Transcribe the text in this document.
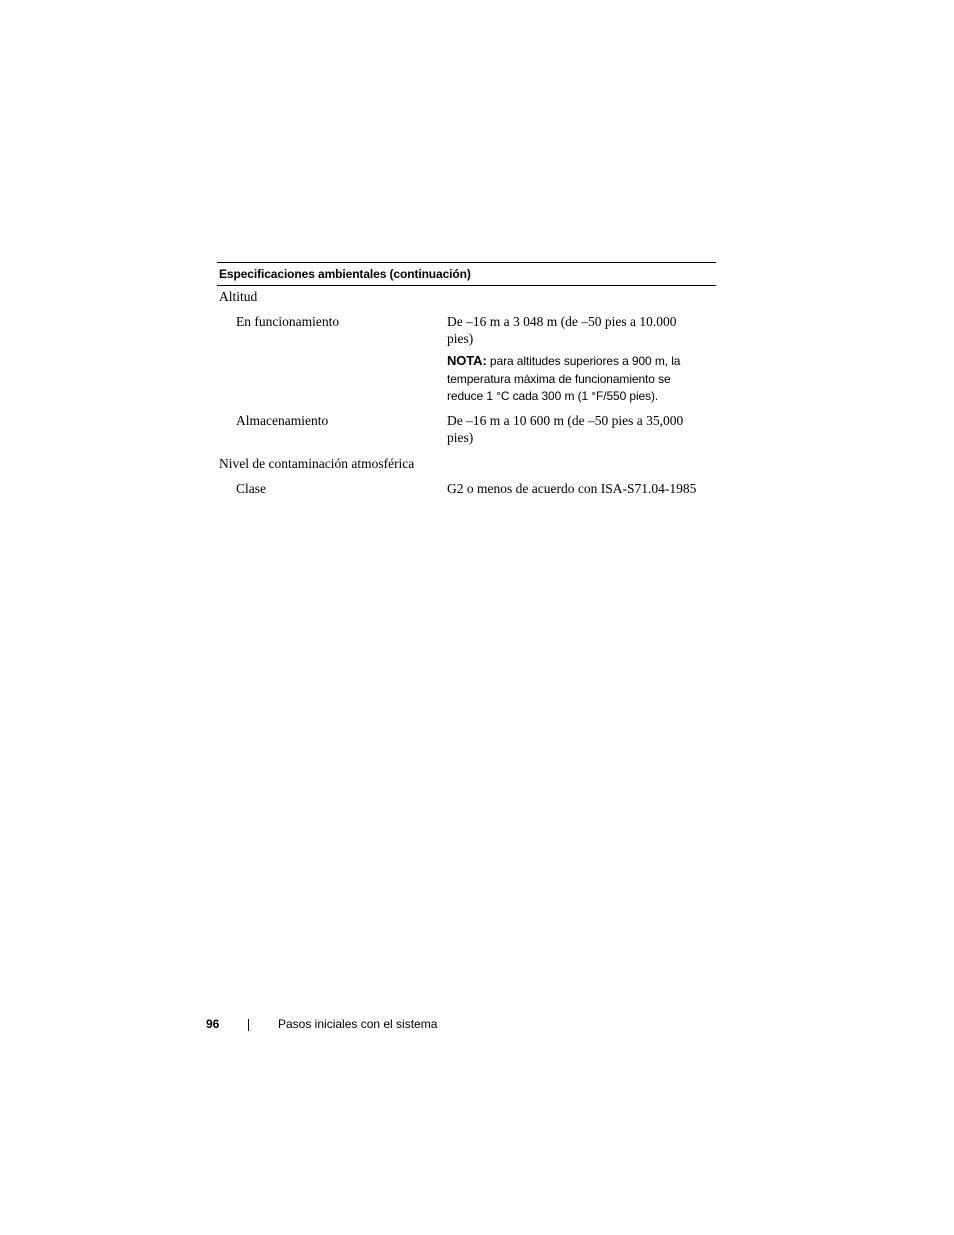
Especificaciones ambientales (continuación)
Altitud
En funcionamiento	De –16 m a 3 048 m (de –50 pies a 10.000
pies)
NOTA: para altitudes superiores a 900 m, la
temperatura máxima de funcionamiento se
reduce 1 °C cada 300 m (1 °F/550 pies).
Almacenamiento	De –16 m a 10 600 m (de –50 pies a 35,000
pies)
Nivel de contaminación atmosférica
Clase	G2 o menos de acuerdo con ISA-S71.04-1985
96	Pasos iniciales con el sistema
